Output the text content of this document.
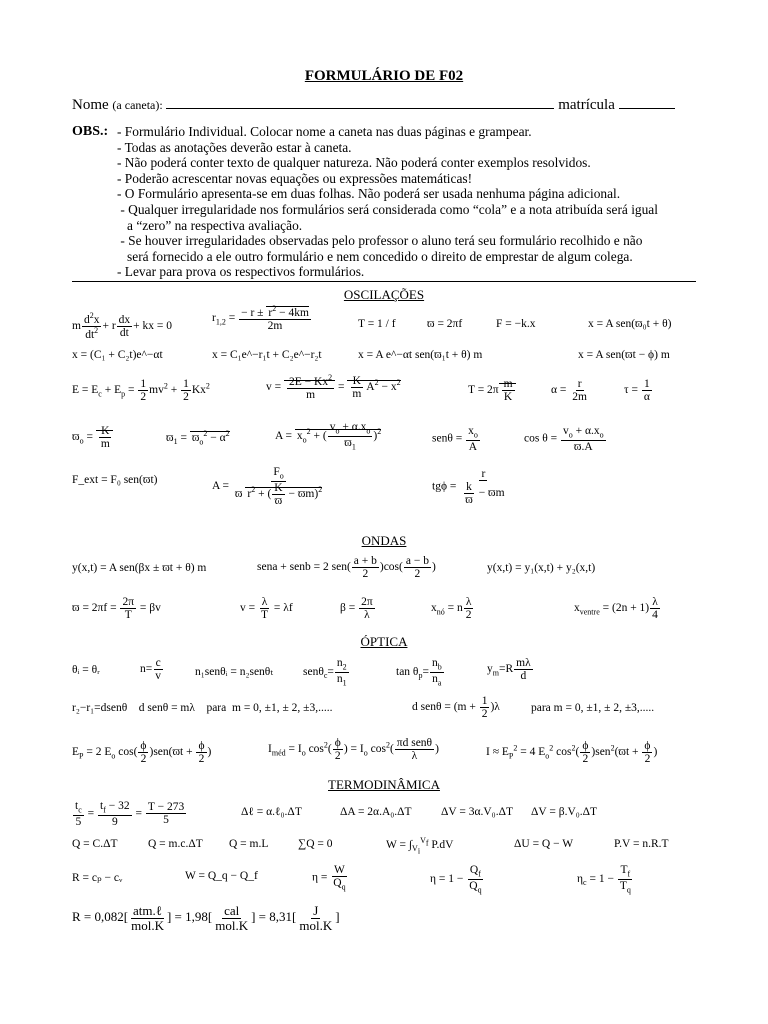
FORMULÁRIO DE F02
Nome (a caneta):	matrícula
OBS.: - Formulário Individual. Colocar nome a caneta nas duas páginas e grampear.
- Todas as anotações deverão estar à caneta.
- Não poderá conter texto de qualquer natureza. Não poderá conter exemplos resolvidos.
- Poderão acrescentar novas equações ou expressões matemáticas!
- O Formulário apresenta-se em duas folhas. Não poderá ser usada nenhuma página adicional.
- Qualquer irregularidade nos formulários será considerada como “cola” e a nota atribuída será igual
a “zero” na respectiva avaliação.
- Se houver irregularidades observadas pelo professor o aluno terá seu formulário recolhido e não
será fornecido a ele outro formulário e nem concedido o direito de emprestar de algum colega.
- Levar para prova os respectivos formulários.
OSCILAÇÕES
m $\frac{d^2x}{dt^2} + r \frac{dx}{dt}$ + kx = 0
$r_{1,2} = \frac{- r \pm r^2 - 4km}{2m}$	T = 1 / f	ϖ = 2πf	F = −k.x	x = A sen(ϖ₀t + θ)
x = (C₁ + C₂t)e^−αt	x = C₁e^−r₁t + C₂e^−r₂t	x = A e^−αt sen(ϖ₁t + θ) m	x = A sen(ϖt − ϕ) m
$E = E_c + E_p = \frac{1}{2} mv^2 + \frac{1}{2} Kx^2$	$v = \frac{2E - Kx^2}{m} = \frac{K}{m} A^2 - x^2$
$T = 2\pi \frac{m}{K}$	$\alpha = \frac{r}{2m}$	$\tau = \frac{1}{\alpha}$
$ϖ_o = \frac{K}{m}$	$ϖ_1 = ϖ_o^2 - \alpha^2$	$A = x_o^2$ + ( $\frac{v_o + \alpha.x_o}{ϖ_1} )^2$
$sen\theta = \frac{x_o}{A}$	$\cos \theta = \frac{v_o + \alpha.x_o}{ϖ.A}$
F_ext = F₀ sen(ϖt)
$A = \frac{F_o}{ϖ r^2 + ( \frac{K}{ϖ} - ϖm)^2}$	$tg\phi = \frac{r}{\frac{k}{ϖ} - ϖm}$
ONDAS
y(x,t) = A sen(βx ± ϖt + θ) m	sena + senb = 2 $sen( \frac{a + b}{2} )\cos( \frac{a - b}{2}$ )	y(x,t) = y₁(x,t) + y₂(x,t)
$ϖ = 2\pi f = \frac{2\pi}{T} = \beta v$	$v = \frac{\lambda}{T} = \lambda f$	$\beta = \frac{2\pi}{\lambda}$	$x_{nó} = n \frac{\lambda}{2}$	$x_{ventre} = (2n + 1) \frac{\lambda}{4}$
ÓPTICA
θᵢ = θᵣ	$n= \frac{c}{v}$	n₁senθᵢ = n₂senθₜ	$sen\theta_c= \frac{n_2}{n_1}$	$\tan \theta_p= \frac{n_b}{n_a}$	$y_m=R \frac{m\lambda}{d}$
r₂−r₁=dsenθ    d senθ = mλ    para  m = 0, ±1, ± 2, ±3,.....	d $sen\theta = (m + \frac{1}{2} )\lambda$	para m = 0, ±1, ± 2, ±3,.....
$E_P = 2$ $E_o$ $\cos( \frac{\phi}{2} )sen(ϖt + \frac{\phi}{2}$ )	$I_{méd} = I_o$ $\cos^2( \frac{\phi}{2}$ ) = $I_o$ $\cos^2( \frac{\text{πd senθ}}{\lambda}$ )	$I \approx E_P^2 = 4$ $E_o^2$ $\cos^2( \frac{\phi}{2} )sen^2(ϖt + \frac{\phi}{2}$ )
TERMODINÂMICA
$\frac{t_c}{5} = \frac{t_f - 32}{9} = \frac{T - 273}{5}$	Δℓ = α.ℓ₀.ΔT	ΔA = 2α.A₀.ΔT	ΔV = 3α.V₀.ΔT ΔV = β.V₀.ΔT
Q = C.ΔT	Q = m.c.ΔT Q = m.L	∑Q = 0	$W = \int_{V_i}^{V_f}$ P.dV	ΔU = Q − W	P.V = n.R.T
R = cₚ − cᵥ	W = Q_q − Q_f	$\eta = \frac{W}{Q_q}$	$\eta = 1 - \frac{Q_f}{Q_q}$	$\eta_c = 1 - \frac{T_f}{T_q}$
$R = 0,082[ \frac{\text{atm.ℓ}}{\text{mol.K}}$ ] = $1,98[ \frac{\text{cal}}{\text{mol.K}}$ ] = $8,31[ \frac{J}{\text{mol.K}}$ ]
